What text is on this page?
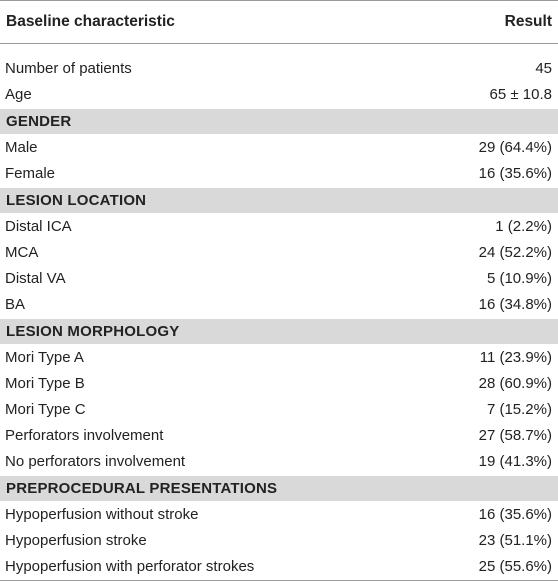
Baseline characteristic	Result
Number of patients	45
Age	65 ± 10.8
GENDER
Male	29 (64.4%)
Female	16 (35.6%)
LESION LOCATION
Distal ICA	1 (2.2%)
MCA	24 (52.2%)
Distal VA	5 (10.9%)
BA	16 (34.8%)
LESION MORPHOLOGY
Mori Type A	11 (23.9%)
Mori Type B	28 (60.9%)
Mori Type C	7 (15.2%)
Perforators involvement	27 (58.7%)
No perforators involvement	19 (41.3%)
PREPROCEDURAL PRESENTATIONS
Hypoperfusion without stroke	16 (35.6%)
Hypoperfusion stroke	23 (51.1%)
Hypoperfusion with perforator strokes	25 (55.6%)
